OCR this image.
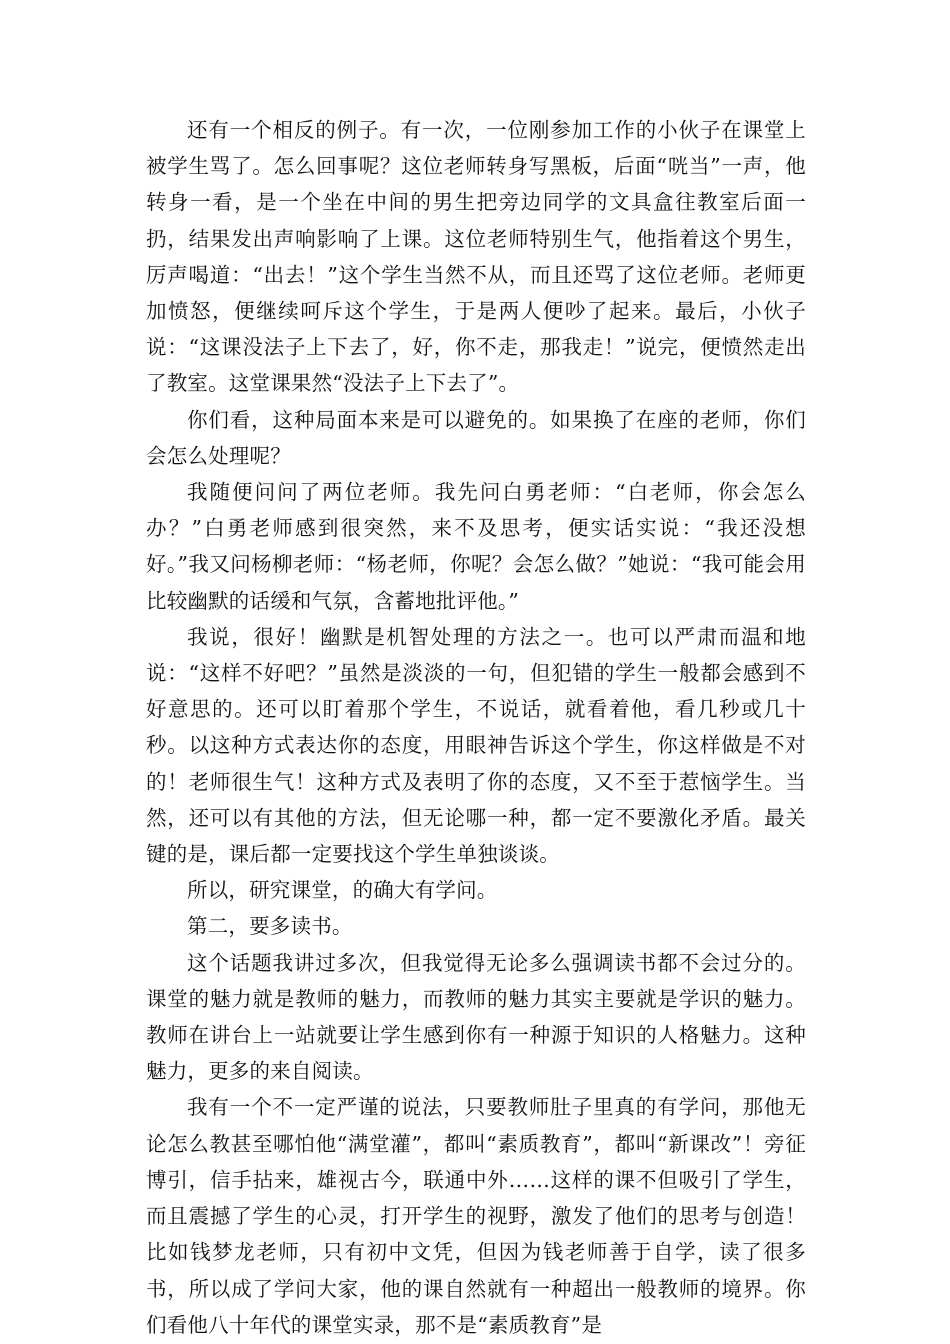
还有一个相反的例子。有一次，一位刚参加工作的小伙子在课堂上被学生骂了。怎么回事呢？这位老师转身写黑板，后面“咣当”一声，他转身一看，是一个坐在中间的男生把旁边同学的文具盒往教室后面一扔，结果发出声响影响了上课。这位老师特别生气，他指着这个男生，厉声喝道：“出去！”这个学生当然不从，而且还骂了这位老师。老师更加愤怒，便继续呵斥这个学生，于是两人便吵了起来。最后，小伙子说：“这课没法子上下去了，好，你不走，那我走！”说完，便愤然走出了教室。这堂课果然“没法子上下去了”。

你们看，这种局面本来是可以避免的。如果换了在座的老师，你们会怎么处理呢？

我随便问问了两位老师。我先问白勇老师：“白老师，你会怎么办？”白勇老师感到很突然，来不及思考，便实话实说：“我还没想好。”我又问杨柳老师：“杨老师，你呢？会怎么做？”她说：“我可能会用比较幽默的话缓和气氛，含蓄地批评他。”

我说，很好！幽默是机智处理的方法之一。也可以严肃而温和地说：“这样不好吧？”虽然是淡淡的一句，但犯错的学生一般都会感到不好意思的。还可以盯着那个学生，不说话，就看着他，看几秒或几十秒。以这种方式表达你的态度，用眼神告诉这个学生，你这样做是不对的！老师很生气！这种方式及表明了你的态度，又不至于惹恼学生。当然，还可以有其他的方法，但无论哪一种，都一定不要激化矛盾。最关键的是，课后都一定要找这个学生单独谈谈。

所以，研究课堂，的确大有学问。

第二，要多读书。

这个话题我讲过多次，但我觉得无论多么强调读书都不会过分的。课堂的魅力就是教师的魅力，而教师的魅力其实主要就是学识的魅力。教师在讲台上一站就要让学生感到你有一种源于知识的人格魅力。这种魅力，更多的来自阅读。

我有一个不一定严谨的说法，只要教师肚子里真的有学问，那他无论怎么教甚至哪怕他“满堂灌”，都叫“素质教育”，都叫“新课改”！旁征博引，信手拈来，雄视古今，联通中外……这样的课不但吸引了学生，而且震撼了学生的心灵，打开学生的视野，激发了他们的思考与创造！比如钱梦龙老师，只有初中文凭，但因为钱老师善于自学，读了很多书，所以成了学问大家，他的课自然就有一种超出一般教师的境界。你们看他八十年代的课堂实录，那不是“素质教育”是
